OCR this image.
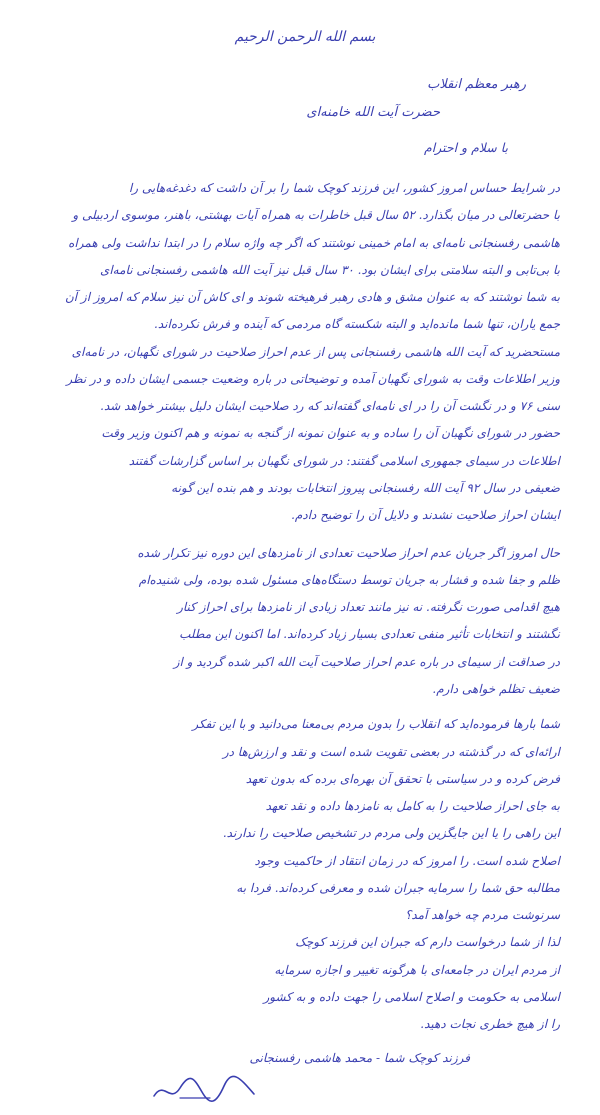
بسم الله الرحمن الرحیم
رهبر معظم انقلاب
حضرت آیت الله خامنه‌ای
با سلام و احترام
در شرایط حساس امروز کشور، این فرزند کوچک شما را بر آن داشت که دغدغه‌هایی را
با حضرتعالی در میان بگذارد. ۵۲ سال قبل خاطرات به همراه آیات بهشتی، باهنر، موسوی اردبیلی و
هاشمی رفسنجانی نامه‌ای به امام خمینی نوشتند که اگر چه واژه سلام را در ابتدا نداشت ولی همراه
با بی‌تابی و البته سلامتی برای ایشان بود. ۳۰ سال قبل نیز آیت الله هاشمی رفسنجانی نامه‌ای
به شما نوشتند که به عنوان مشق و هادی رهبر فرهیخته شوند و ای کاش آن نیز سلام که امروز از آن
جمع یاران، تنها شما مانده‌اید و البته شکسته گاه مردمی که آینده و فرش نکرده‌اند.
مستحضرید که آیت الله هاشمی رفسنجانی پس از عدم احراز صلاحیت در شورای نگهبان، در نامه‌ای
وزیر اطلاعات وقت به شورای نگهبان آمده و توضیحاتی در باره وضعیت جسمی ایشان داده و در نظر
سنی ۷۶ و در نگشت آن را در ای نامه‌ای گفته‌اند که رد صلاحیت ایشان دلیل بیشتر خواهد شد.
حضور در شورای نگهبان آن را ساده و به عنوان نمونه از گنجه به نمونه و هم اکنون وزیر وقت
اطلاعات در سیمای جمهوری اسلامی گفتند: در شورای نگهبان بر اساس گزارشات گفتند
ضعیفی در سال ۹۲ آیت الله رفسنجانی پیروز انتخابات بودند و هم بنده این گونه
ایشان احراز صلاحیت نشدند و دلایل آن را توضیح دادم.
حال امروز اگر جریان عدم احراز صلاحیت تعدادی از نامزدهای این دوره نیز تکرار شده
ظلم و جفا شده و فشار به جریان توسط دستگاه‌های مسئول شده بوده، ولی شنیده‌ام
هیچ اقدامی صورت نگرفته. نه نیز مانند تعداد زیادی از نامزدها برای احراز کنار
نگشتند و انتخابات تأثیر منفی تعدادی بسیار زیاد کرده‌اند. اما اکنون این مطلب
در صداقت از سیمای در باره عدم احراز صلاحیت آیت الله اکبر شده گردید و از
ضعیف تظلم خواهی دارم.
شما بارها فرموده‌اید که انقلاب را بدون مردم بی‌معنا می‌دانید و با این تفکر
ارائه‌ای که در گذشته در بعضی تقویت شده است و نقد و ارزش‌ها در
فرض کرده و در سیاستی با تحقق آن بهره‌ای برده که بدون تعهد
به جای احراز صلاحیت را به کامل به نامزدها داده و نقد تعهد
این راهی را یا این جایگزین ولی مردم در تشخیص صلاحیت را ندارند.
اصلاح شده است. را امروز که در زمان انتقاد از حاکمیت وجود
مطالبه حق شما را سرمایه جبران شده و معرفی کرده‌اند. فردا به
سرنوشت مردم چه خواهد آمد؟
لذا از شما درخواست دارم که جبران این فرزند کوچک
از مردم ایران در جامعه‌ای با هرگونه تغییر و اجازه سرمایه
اسلامی به حکومت و اصلاح اسلامی را جهت داده و به کشور
را از هیچ خطری نجات دهید.
فرزند کوچک شما - محمد هاشمی رفسنجانی
